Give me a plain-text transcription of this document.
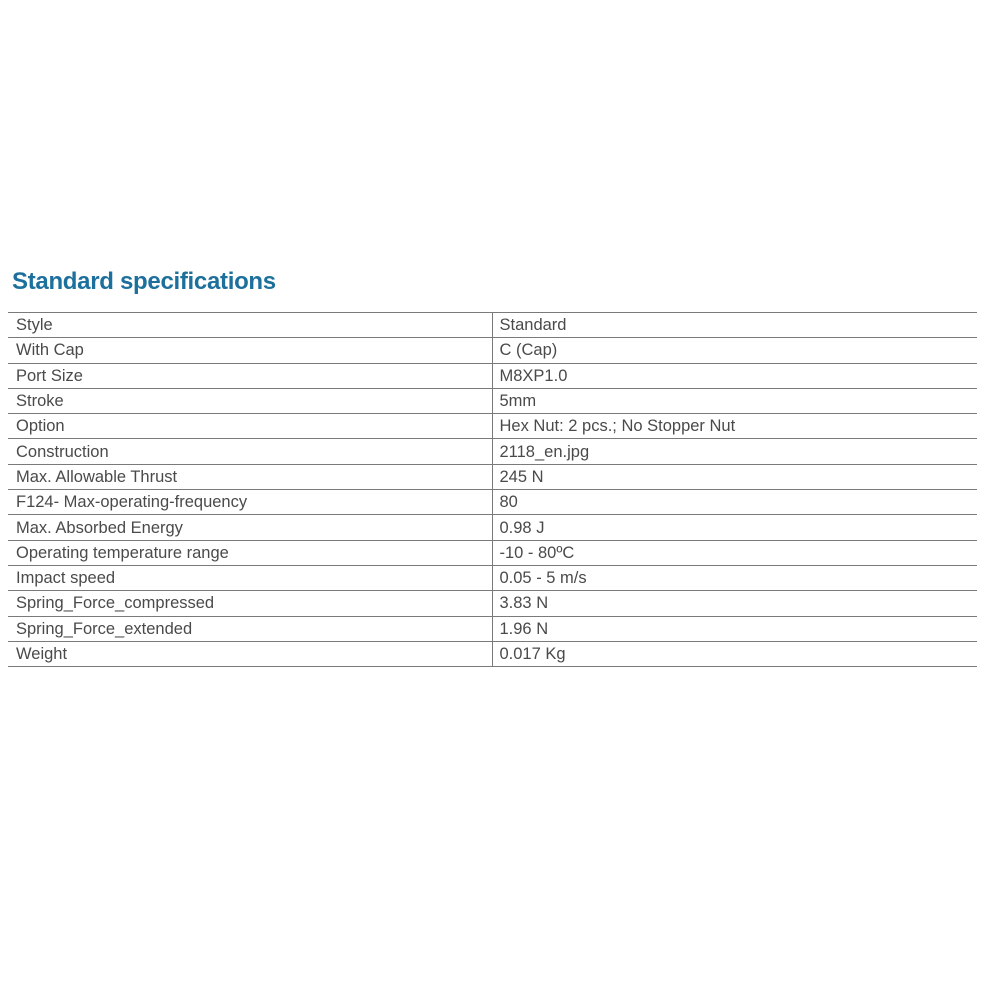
Standard specifications
Style	Standard
With Cap	C (Cap)
Port Size	M8XP1.0
Stroke	5mm
Option	Hex Nut: 2 pcs.; No Stopper Nut
Construction	2118_en.jpg
Max. Allowable Thrust	245 N
F124- Max-operating-frequency	80
Max. Absorbed Energy	0.98 J
Operating temperature range	-10 - 80ºC
Impact speed	0.05 - 5 m/s
Spring_Force_compressed	3.83 N
Spring_Force_extended	1.96 N
Weight	0.017 Kg
